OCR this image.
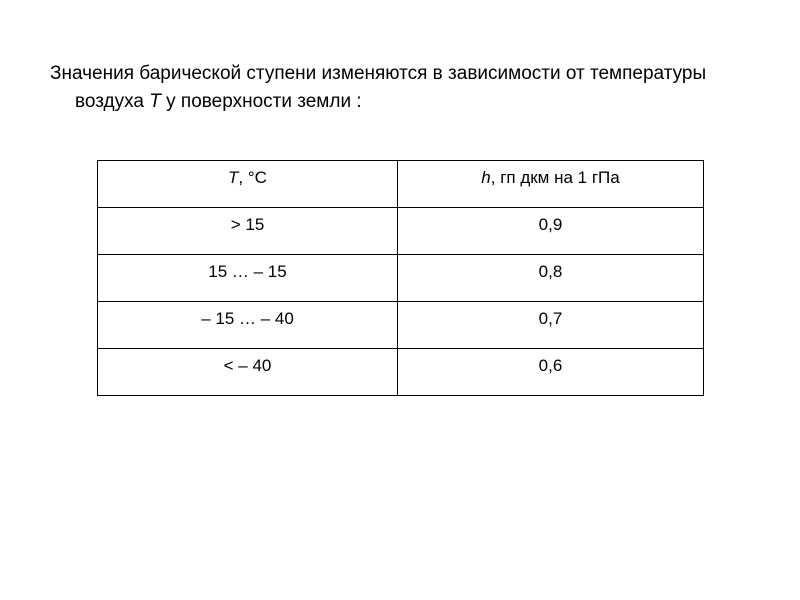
Значения барической ступени изменяются в зависимости от температуры
воздуха T у поверхности земли :
T, °C	h, гп дкм на 1 гПа
> 15	0,9
15 … – 15	0,8
– 15 … – 40	0,7
< – 40	0,6
